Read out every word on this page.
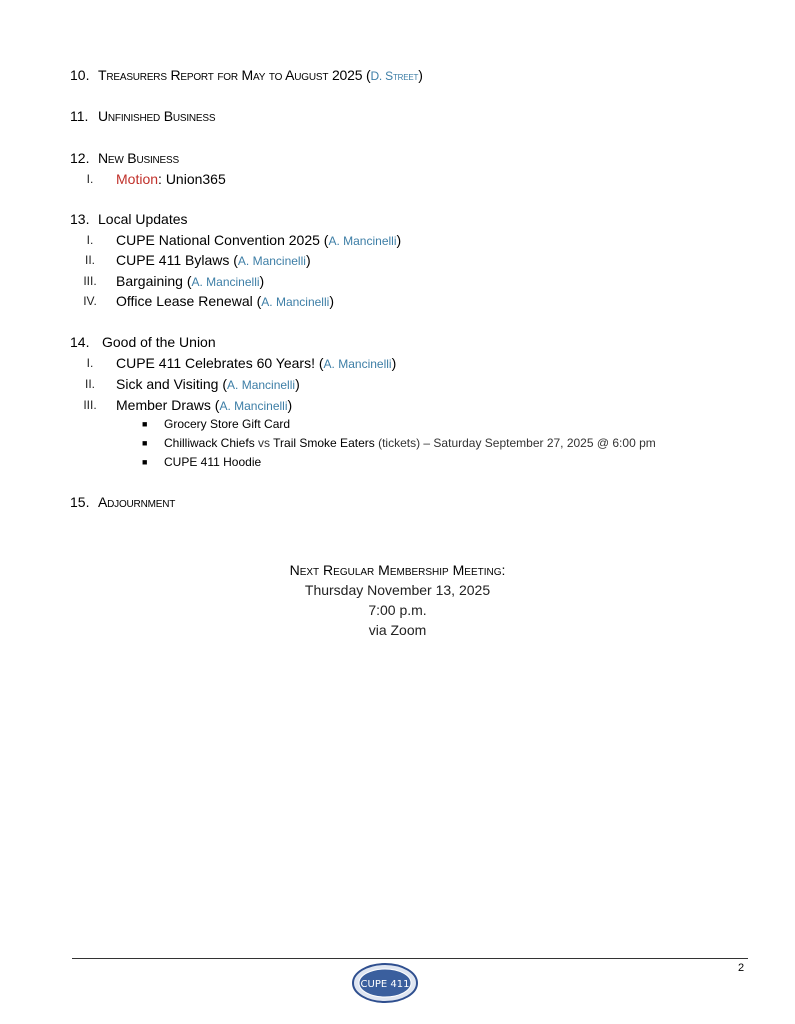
10. Treasurers Report for May to August 2025 (D. Street)
11. Unfinished Business
12. New Business
I.	Motion: Union365
13. Local Updates
I.	CUPE National Convention 2025 (A. Mancinelli)
II.	CUPE 411 Bylaws (A. Mancinelli)
III.	Bargaining (A. Mancinelli)
IV.	Office Lease Renewal (A. Mancinelli)
14. Good of the Union
I.	CUPE 411 Celebrates 60 Years! (A. Mancinelli)
II.	Sick and Visiting (A. Mancinelli)
III.	Member Draws (A. Mancinelli)
■ Grocery Store Gift Card
■ Chilliwack Chiefs vs Trail Smoke Eaters (tickets) – Saturday September 27, 2025 @ 6:00 pm
■ CUPE 411 Hoodie
15. Adjournment
Next Regular Membership Meeting:
Thursday November 13, 2025
7:00 p.m.
via Zoom
2
CUPE 411
